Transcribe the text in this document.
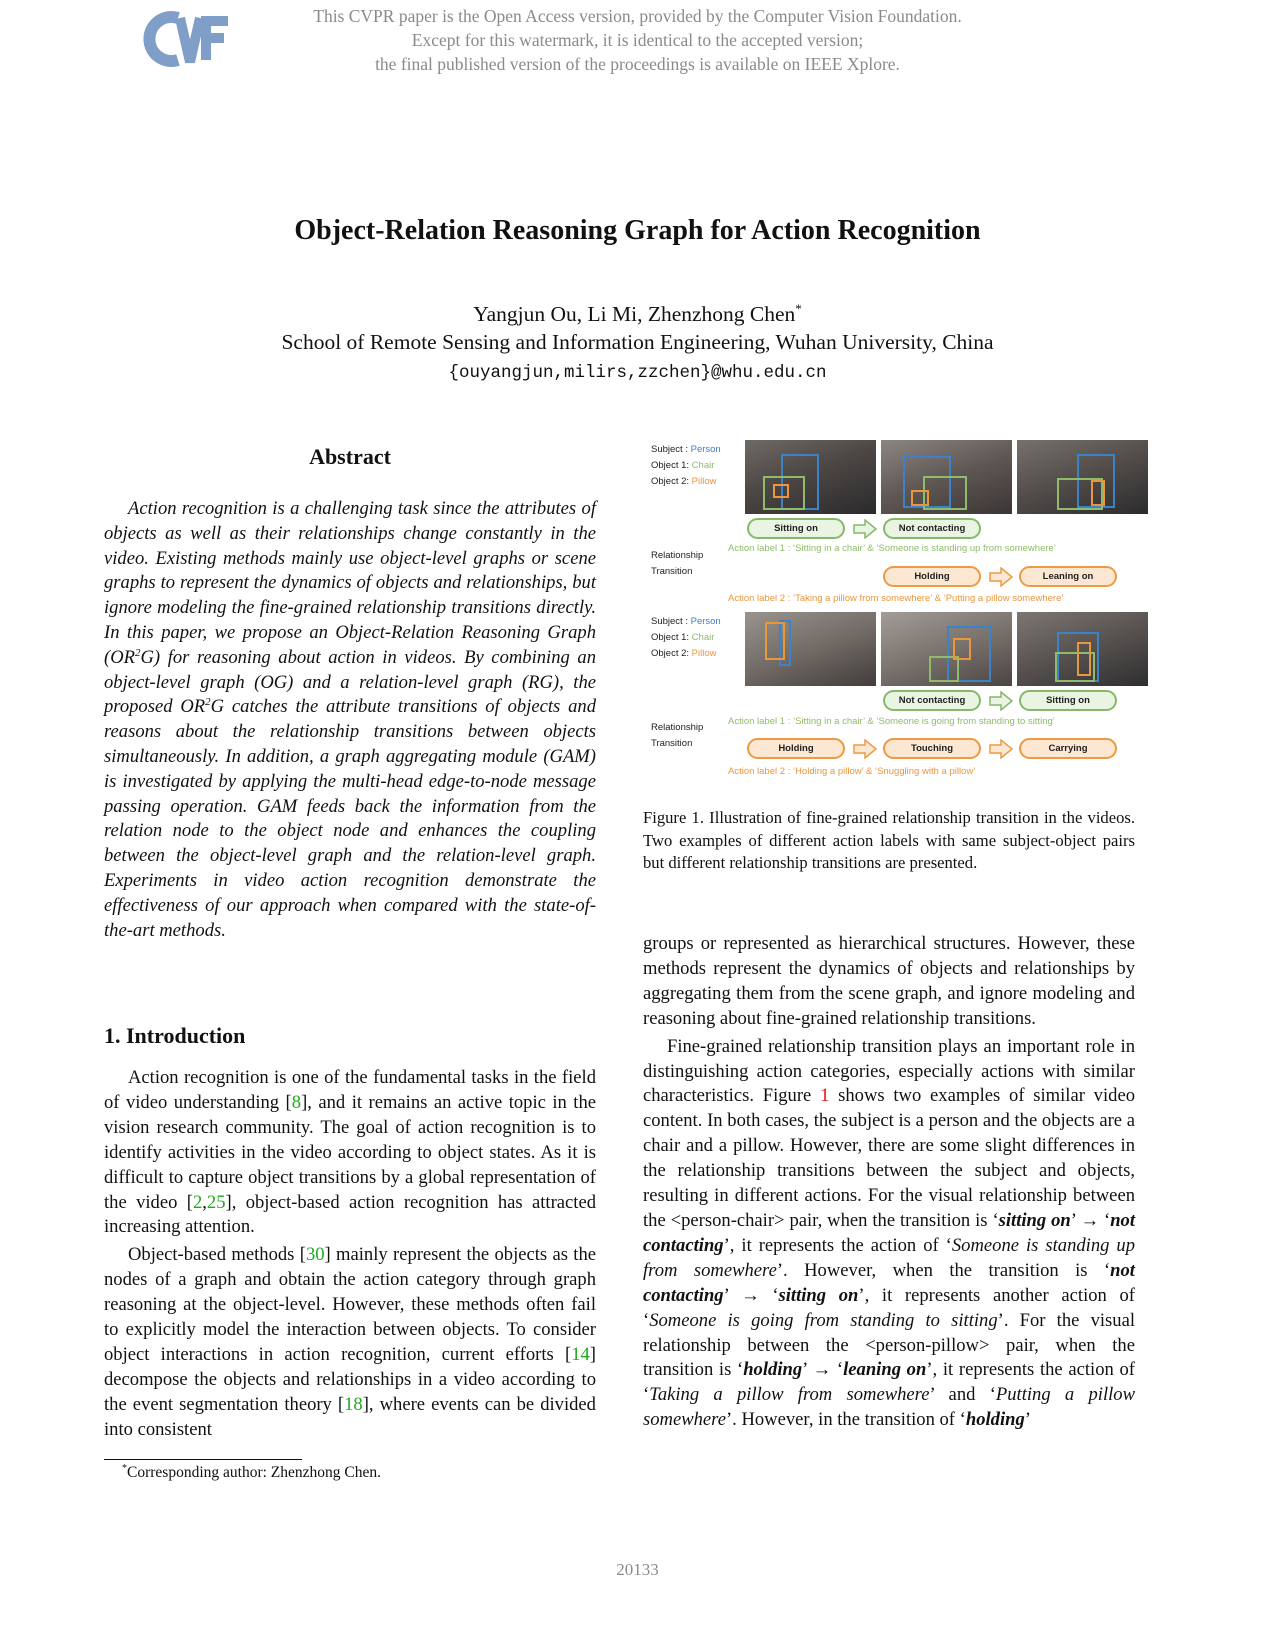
This CVPR paper is the Open Access version, provided by the Computer Vision Foundation.
Except for this watermark, it is identical to the accepted version;
the final published version of the proceedings is available on IEEE Xplore.
Object-Relation Reasoning Graph for Action Recognition
Yangjun Ou, Li Mi, Zhenzhong Chen*
School of Remote Sensing and Information Engineering, Wuhan University, China
{ouyangjun,milirs,zzchen}@whu.edu.cn
Abstract
Action recognition is a challenging task since the attributes of objects as well as their relationships change constantly in the video. Existing methods mainly use object-level graphs or scene graphs to represent the dynamics of objects and relationships, but ignore modeling the fine-grained relationship transitions directly. In this paper, we propose an Object-Relation Reasoning Graph $(OR^2G)$ for reasoning about action in videos. By combining an object-level graph (OG) and a relation-level graph (RG), the proposed $OR^2G$ catches the attribute transitions of objects and reasons about the relationship transitions between objects simultaneously. In addition, a graph aggregating module (GAM) is investigated by applying the multi-head edge-to-node message passing operation. GAM feeds back the information from the relation node to the object node and enhances the coupling between the object-level graph and the relation-level graph. Experiments in video action recognition demonstrate the effectiveness of our approach when compared with the state-of-the-art methods.
1. Introduction

Action recognition is one of the fundamental tasks in the field of video understanding [8], and it remains an active topic in the vision research community. The goal of action recognition is to identify activities in the video according to object states. As it is difficult to capture object transitions by a global representation of the video [2,25], object-based action recognition has attracted increasing attention.

Object-based methods [30] mainly represent the objects as the nodes of a graph and obtain the action category through graph reasoning at the object-level. However, these methods often fail to explicitly model the interaction between objects. To consider object interactions in action recognition, current efforts [14] decompose the objects and relationships in a video according to the event segmentation theory [18], where events can be divided into consistent

*Corresponding author: Zhenzhong Chen.
Subject : Person
Object 1: Chair
Object 2: Pillow
Sitting on	Not contacting
Action label 1 : ‘Sitting in a chair’ & ‘Someone is standing up from somewhere’
Relationship
Transition	Holding	Leaning on
Action label 2 : ‘Taking a pillow from somewhere’ & ‘Putting a pillow somewhere’
Subject : Person
Object 1: Chair
Object 2: Pillow
Not contacting	Sitting on
Action label 1 : ‘Sitting in a chair’ & ‘Someone is going from standing to sitting’
Relationship
Transition	Holding	Touching	Carrying
Action label 2 : ‘Holding a pillow’ & ‘Snuggling with a pillow’
Figure 1. Illustration of fine-grained relationship transition in the videos. Two examples of different action labels with same subject-object pairs but different relationship transitions are presented.

groups or represented as hierarchical structures. However, these methods represent the dynamics of objects and relationships by aggregating them from the scene graph, and ignore modeling and reasoning about fine-grained relationship transitions.

Fine-grained relationship transition plays an important role in distinguishing action categories, especially actions with similar characteristics. Figure 1 shows two examples of similar video content. In both cases, the subject is a person and the objects are a chair and a pillow. However, there are some slight differences in the relationship transitions between the subject and objects, resulting in different actions. For the visual relationship between the <person-chair> pair, when the transition is ‘sitting on’ → ‘not contacting’, it represents the action of ‘Someone is standing up from somewhere’. However, when the transition is ‘not contacting’ → ‘sitting on’, it represents another action of ‘Someone is going from standing to sitting’. For the visual relationship between the <person-pillow> pair, when the transition is ‘holding’ → ‘leaning on’, it represents the action of ‘Taking a pillow from somewhere’ and ‘Putting a pillow somewhere’. However, in the transition of ‘holding’

20133
